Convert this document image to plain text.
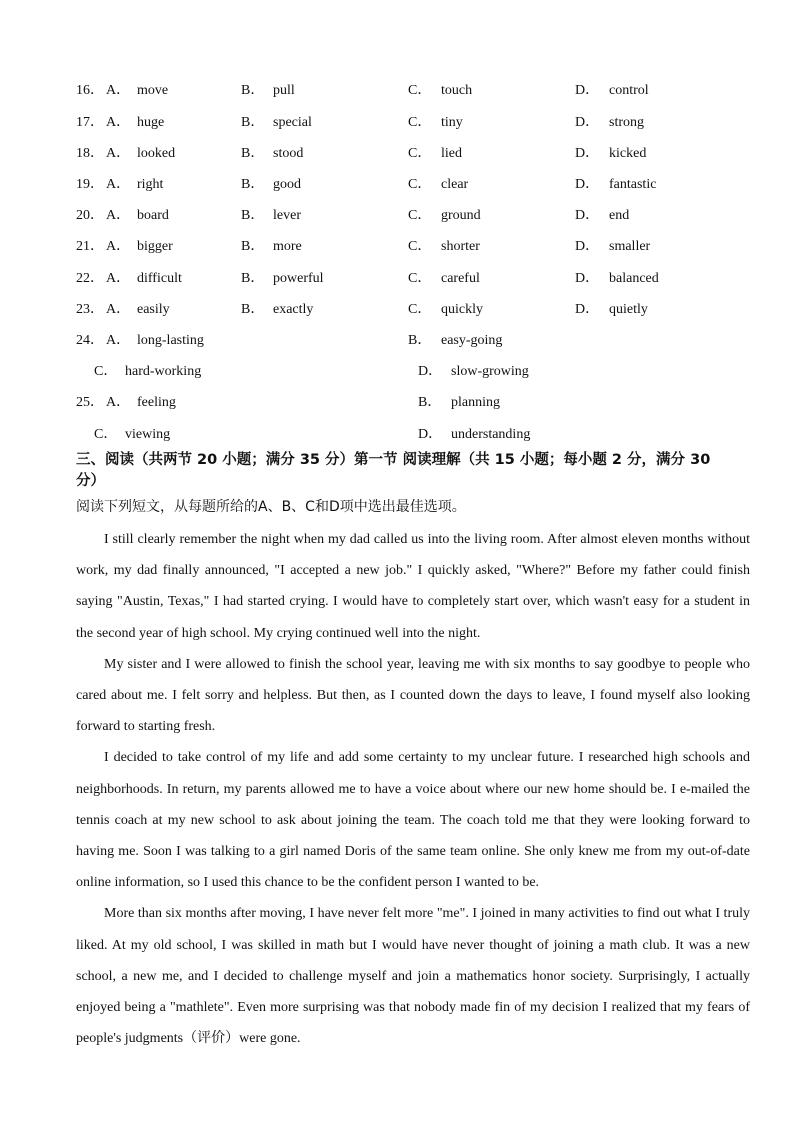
16． A． move	B． pull	C． touch	D． control
17． A． huge	B． special	C． tiny	D． strong
18． A． looked	B． stood	C． lied	D． kicked
19． A． right	B． good	C． clear	D． fantastic
20． A． board	B． lever	C． ground	D． end
21． A． bigger	B． more	C． shorter	D． smaller
22． A． difficult	B． powerful	C． careful	D． balanced
23． A． easily	B． exactly	C． quickly	D． quietly
24． A． long-lasting	B． easy-going
C． hard-working	D． slow-growing
25． A． feeling	B． planning
C． viewing	D． understanding
三、阅读（共两节 20 小题；满分 35 分）第一节 阅读理解（共 15 小题；每小题 2 分，满分 30
分）
阅读下列短文，从每题所给的A、B、C和D项中选出最佳选项。

I still clearly remember the night when my dad called us into the living room. After almost eleven months without work, my dad finally announced, "I accepted a new job." I quickly asked, "Where?" Before my father could finish saying "Austin, Texas," I had started crying. I would have to completely start over, which wasn't easy for a student in the second year of high school. My crying continued well into the night.

My sister and I were allowed to finish the school year, leaving me with six months to say goodbye to people who cared about me. I felt sorry and helpless. But then, as I counted down the days to leave, I found myself also looking forward to starting fresh.

I decided to take control of my life and add some certainty to my unclear future. I researched high schools and neighborhoods. In return, my parents allowed me to have a voice about where our new home should be. I e-mailed the tennis coach at my new school to ask about joining the team. The coach told me that they were looking forward to having me. Soon I was talking to a girl named Doris of the same team online. She only knew me from my out-of-date online information, so I used this chance to be the confident person I wanted to be.

More than six months after moving, I have never felt more "me". I joined in many activities to find out what I truly liked. At my old school, I was skilled in math but I would have never thought of joining a math club. It was a new school, a new me, and I decided to challenge myself and join a mathematics honor society. Surprisingly, I actually enjoyed being a "mathlete". Even more surprising was that nobody made fin of my decision I realized that my fears of people's judgments（评价）were gone.
